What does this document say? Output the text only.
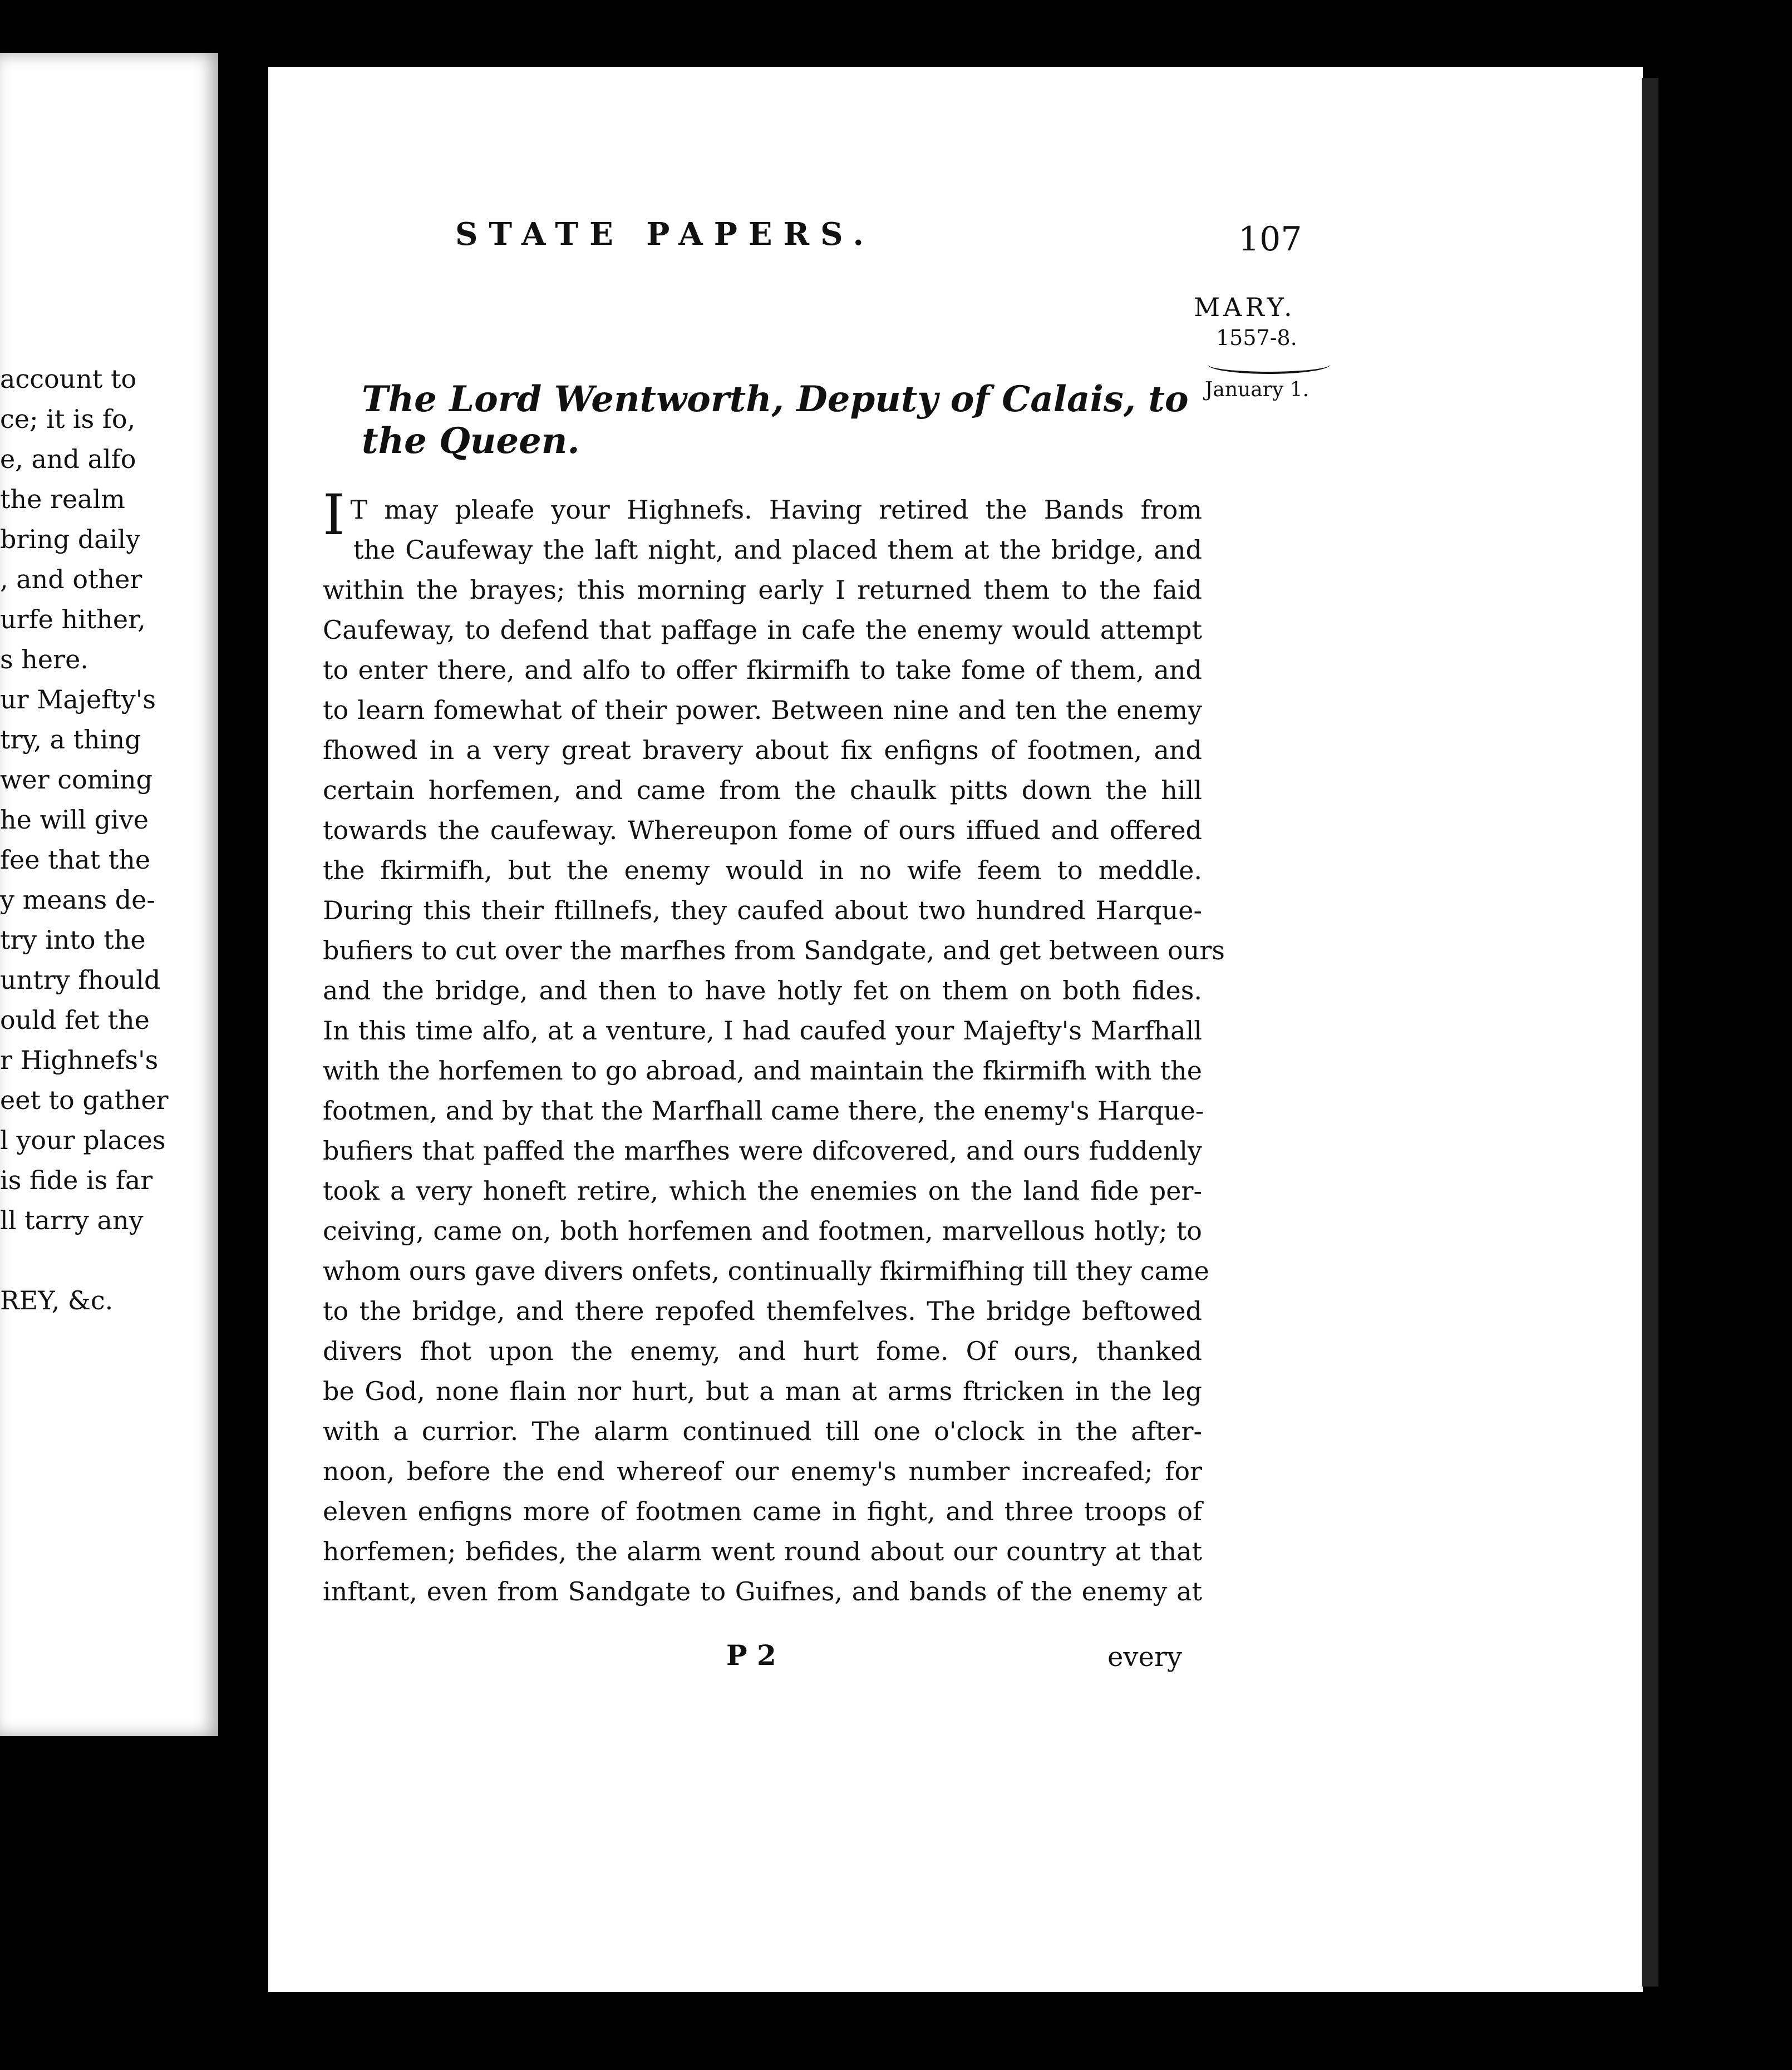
account to
ce; it is fo,
e, and alfo
the realm
bring daily
, and other
urfe hither,
s here.
ur Majefty's
try, a thing
wer coming
he will give
fee that the
y means de-
try into the
untry fhould
ould fet the
r Highnefs's
eet to gather
l your places
is fide is far
ll tarry any
REY, &c.
STATE PAPERS.	107
MARY.
1557-8.
January 1.
The Lord Wentworth, Deputy of Calais, to the Queen.
I T may pleafe your Highnefs. Having retired the Bands from
the Caufeway the laft night, and placed them at the bridge, and
within the brayes; this morning early I returned them to the faid
Caufeway, to defend that paffage in cafe the enemy would attempt
to enter there, and alfo to offer fkirmifh to take fome of them, and
to learn fomewhat of their power. Between nine and ten the enemy
fhowed in a very great bravery about fix enfigns of footmen, and
certain horfemen, and came from the chaulk pitts down the hill
towards the caufeway. Whereupon fome of ours iffued and offered
the fkirmifh, but the enemy would in no wife feem to meddle.
During this their ftillnefs, they caufed about two hundred Harque-
bufiers to cut over the marfhes from Sandgate, and get between ours
and the bridge, and then to have hotly fet on them on both fides.
In this time alfo, at a venture, I had caufed your Majefty's Marfhall
with the horfemen to go abroad, and maintain the fkirmifh with the
footmen, and by that the Marfhall came there, the enemy's Harque-
bufiers that paffed the marfhes were difcovered, and ours fuddenly
took a very honeft retire, which the enemies on the land fide per-
ceiving, came on, both horfemen and footmen, marvellous hotly; to
whom ours gave divers onfets, continually fkirmifhing till they came
to the bridge, and there repofed themfelves. The bridge beftowed
divers fhot upon the enemy, and hurt fome. Of ours, thanked
be God, none flain nor hurt, but a man at arms ftricken in the leg
with a currior. The alarm continued till one o'clock in the after-
noon, before the end whereof our enemy's number increafed; for
eleven enfigns more of footmen came in fight, and three troops of
horfemen; befides, the alarm went round about our country at that
inftant, even from Sandgate to Guifnes, and bands of the enemy at
P 2	every
